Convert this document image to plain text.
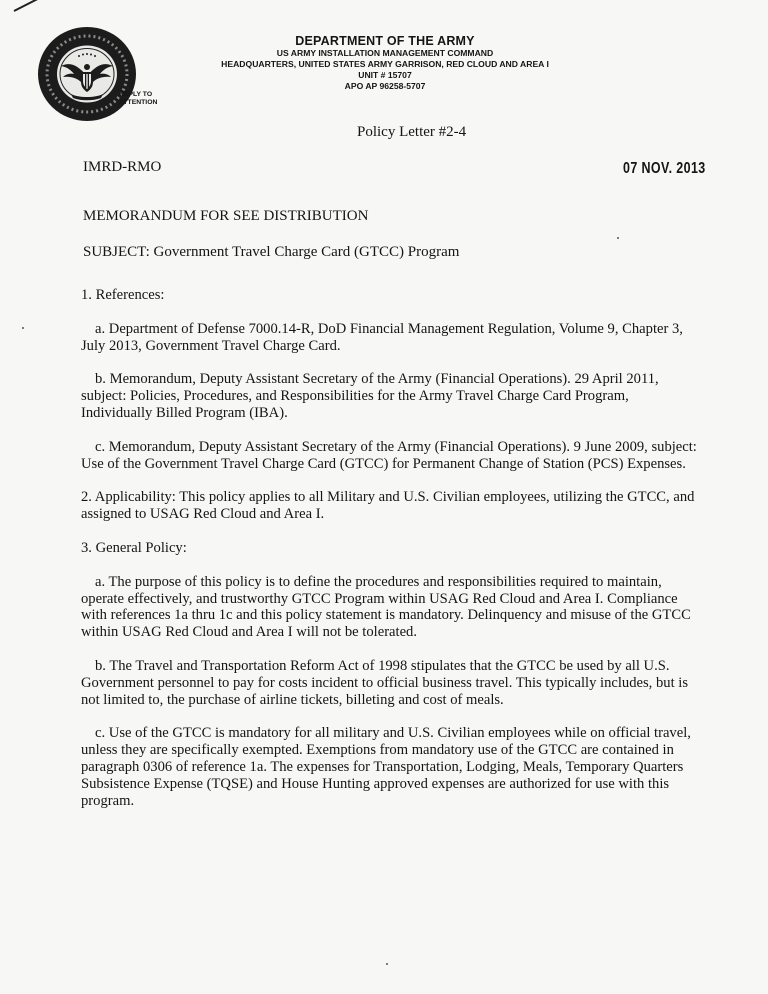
DEPARTMENT OF THE ARMY
US ARMY INSTALLATION MANAGEMENT COMMAND
HEADQUARTERS, UNITED STATES ARMY GARRISON, RED CLOUD AND AREA I
UNIT # 15707
APO AP 96258-5707
REPLY TO
ATTENTION
Policy Letter #2-4
IMRD-RMO	07 NOV. 2013
MEMORANDUM FOR SEE DISTRIBUTION
SUBJECT: Government Travel Charge Card (GTCC) Program

1. References:

a. Department of Defense 7000.14-R, DoD Financial Management Regulation, Volume 9, Chapter 3, July 2013, Government Travel Charge Card.

b. Memorandum, Deputy Assistant Secretary of the Army (Financial Operations). 29 April 2011, subject: Policies, Procedures, and Responsibilities for the Army Travel Charge Card Program, Individually Billed Program (IBA).

c. Memorandum, Deputy Assistant Secretary of the Army (Financial Operations). 9 June 2009, subject: Use of the Government Travel Charge Card (GTCC) for Permanent Change of Station (PCS) Expenses.

2. Applicability: This policy applies to all Military and U.S. Civilian employees, utilizing the GTCC, and assigned to USAG Red Cloud and Area I.

3. General Policy:

a. The purpose of this policy is to define the procedures and responsibilities required to maintain, operate effectively, and trustworthy GTCC Program within USAG Red Cloud and Area I. Compliance with references 1a thru 1c and this policy statement is mandatory. Delinquency and misuse of the GTCC within USAG Red Cloud and Area I will not be tolerated.

b. The Travel and Transportation Reform Act of 1998 stipulates that the GTCC be used by all U.S. Government personnel to pay for costs incident to official business travel. This typically includes, but is not limited to, the purchase of airline tickets, billeting and cost of meals.

c. Use of the GTCC is mandatory for all military and U.S. Civilian employees while on official travel, unless they are specifically exempted. Exemptions from mandatory use of the GTCC are contained in paragraph 0306 of reference 1a. The expenses for Transportation, Lodging, Meals, Temporary Quarters Subsistence Expense (TQSE) and House Hunting approved expenses are authorized for use with this program.
